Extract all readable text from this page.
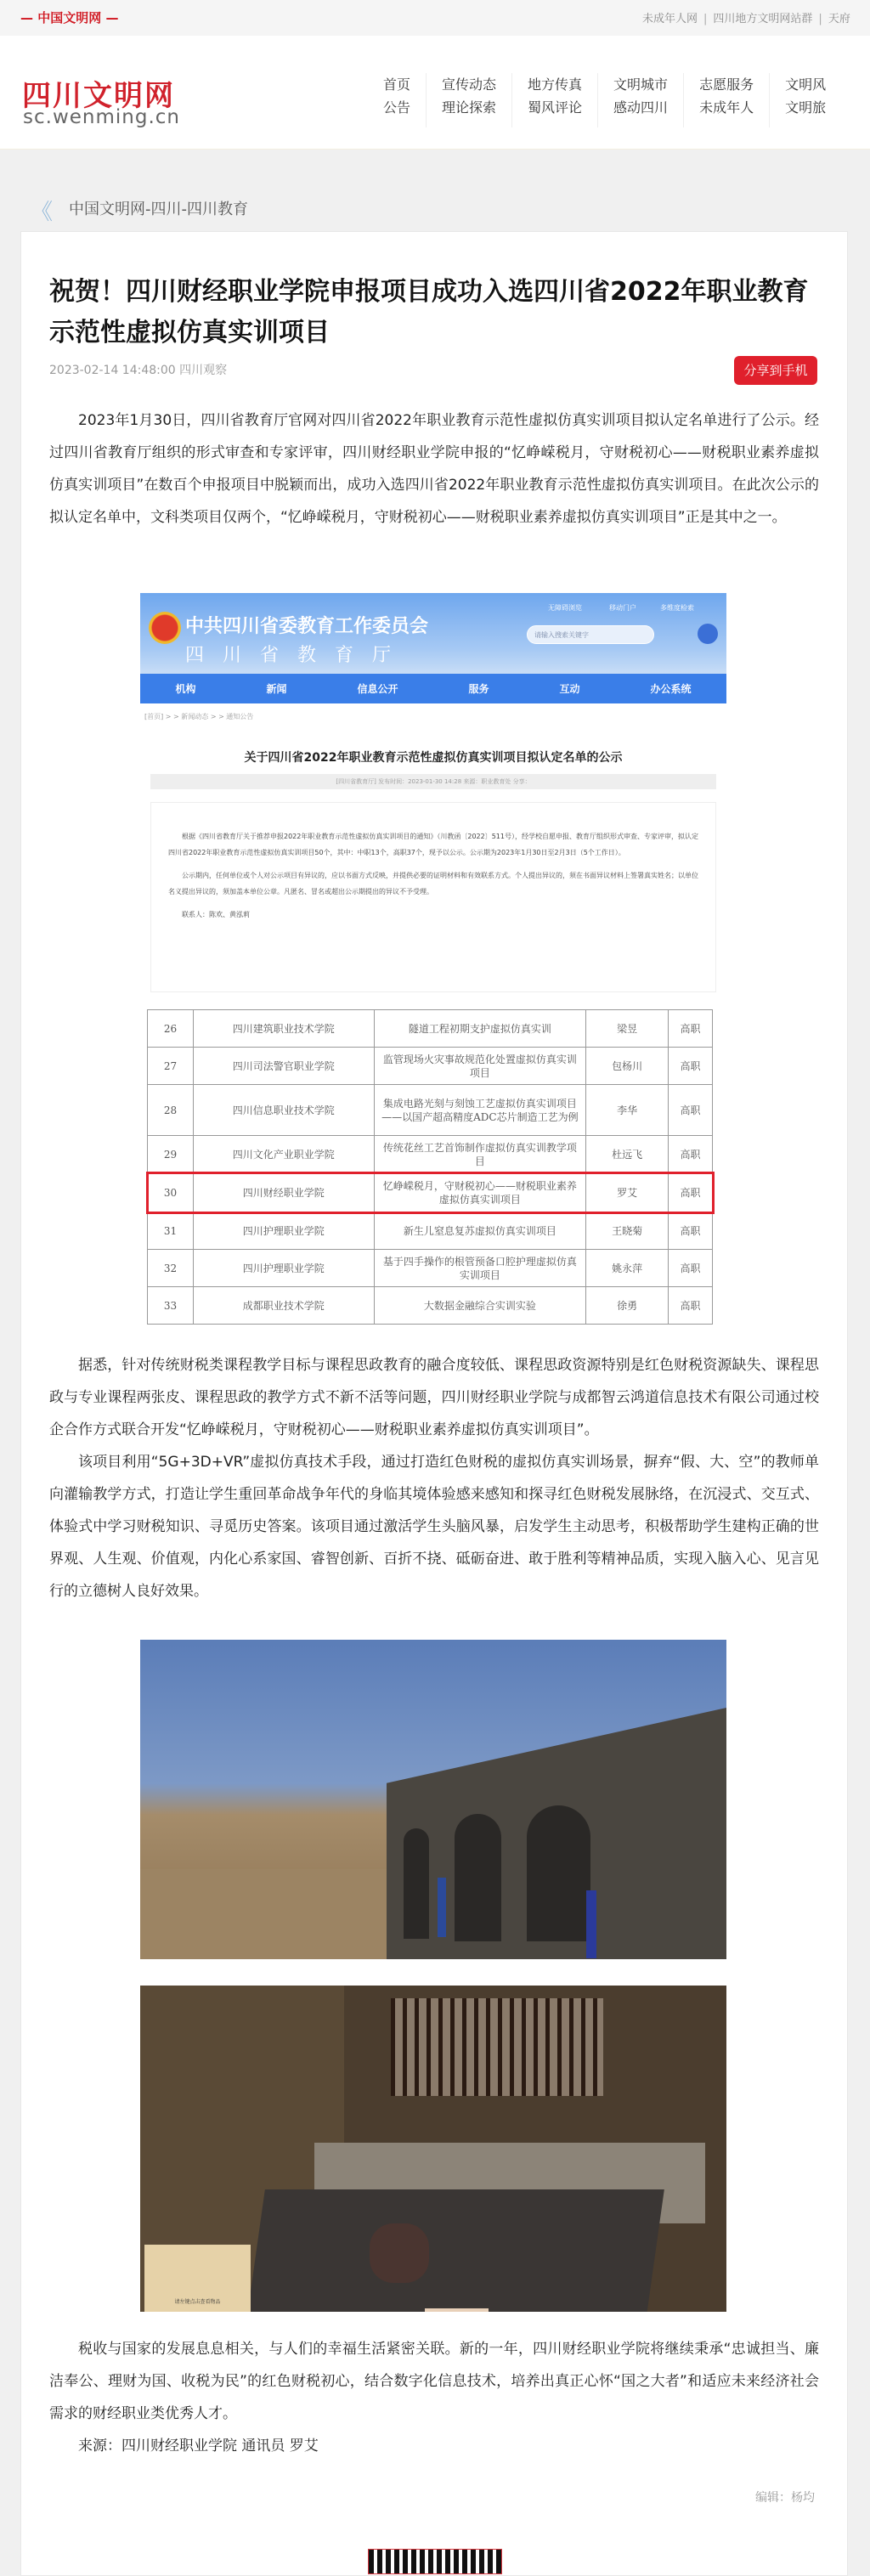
— 中国文明网 —	未成年人网 | 四川地方文明网站群 | 天府
四川文明网
sc.wenming.cn
首页
公告
宣传动态
理论探索
地方传真
蜀风评论
文明城市
感动四川
志愿服务
未成年人
文明风
文明旅
《 中国文明网-四川-四川教育
祝贺！四川财经职业学院申报项目成功入选四川省2022年职业教育示范性虚拟仿真实训项目
2023-02-14 14:48:00 四川观察	分享到手机

2023年1月30日，四川省教育厅官网对四川省2022年职业教育示范性虚拟仿真实训项目拟认定名单进行了公示。经过四川省教育厅组织的形式审查和专家评审，四川财经职业学院申报的“忆峥嵘税月，守财税初心——财税职业素养虚拟仿真实训项目”在数百个申报项目中脱颖而出，成功入选四川省2022年职业教育示范性虚拟仿真实训项目。在此次公示的拟认定名单中，文科类项目仅两个，“忆峥嵘税月，守财税初心——财税职业素养虚拟仿真实训项目”正是其中之一。

中共四川省委教育工作委员会
四川省教育厅
无障碍浏览	移动门户	多维度检索
请输入搜索关键字
机构	新闻	信息公开	服务	互动	办公系统
[首页] > > 新闻动态 > > 通知公告
关于四川省2022年职业教育示范性虚拟仿真实训项目拟认定名单的公示
[四川省教育厅] 发布时间：2023-01-30 14:28 来源：职业教育处 分享：

根据《四川省教育厅关于推荐申报2022年职业教育示范性虚拟仿真实训项目的通知》（川教函〔2022〕511号），经学校自愿申报、教育厅组织形式审查、专家评审，拟认定四川省2022年职业教育示范性虚拟仿真实训项目50个，其中：中职13个，高职37个，现予以公示。公示期为2023年1月30日至2月3日（5个工作日）。

公示期内，任何单位或个人对公示项目有异议的，应以书面方式反映，并提供必要的证明材料和有效联系方式。个人提出异议的，须在书面异议材料上签署真实姓名；以单位名义提出异议的，须加盖本单位公章。凡匿名、冒名或超出公示期提出的异议不予受理。

联系人：陈欢、黄泓莉

26	四川建筑职业技术学院	隧道工程初期支护虚拟仿真实训	梁昱	高职
27	四川司法警官职业学院	监管现场火灾事故规范化处置虚拟仿真实训项目	包杨川	高职
28	四川信息职业技术学院	集成电路光刻与刻蚀工艺虚拟仿真实训项目——以国产超高精度ADC芯片制造工艺为例	李华	高职
29	四川文化产业职业学院	传统花丝工艺首饰制作虚拟仿真实训教学项目	杜远飞	高职
30	四川财经职业学院	忆峥嵘税月，守财税初心——财税职业素养虚拟仿真实训项目	罗艾	高职
31	四川护理职业学院	新生儿窒息复苏虚拟仿真实训项目	王晓菊	高职
32	四川护理职业学院	基于四手操作的根管预备口腔护理虚拟仿真实训项目	姚永萍	高职
33	成都职业技术学院	大数据金融综合实训实验	徐勇	高职

据悉，针对传统财税类课程教学目标与课程思政教育的融合度较低、课程思政资源特别是红色财税资源缺失、课程思政与专业课程两张皮、课程思政的教学方式不新不活等问题，四川财经职业学院与成都智云鸿道信息技术有限公司通过校企合作方式联合开发“忆峥嵘税月，守财税初心——财税职业素养虚拟仿真实训项目”。

该项目利用“5G+3D+VR”虚拟仿真技术手段，通过打造红色财税的虚拟仿真实训场景，摒弃“假、大、空”的教师单向灌输教学方式，打造让学生重回革命战争年代的身临其境体验感来感知和探寻红色财税发展脉络，在沉浸式、交互式、体验式中学习财税知识、寻觅历史答案。该项目通过激活学生头脑风暴，启发学生主动思考，积极帮助学生建构正确的世界观、人生观、价值观，内化心系家国、睿智创新、百折不挠、砥砺奋进、敢于胜利等精神品质，实现入脑入心、见言见行的立德树人良好效果。

请左键点击查看物品

税收与国家的发展息息相关，与人们的幸福生活紧密关联。新的一年，四川财经职业学院将继续秉承“忠诚担当、廉洁奉公、理财为国、收税为民”的红色财税初心，结合数字化信息技术，培养出真正心怀“国之大者”和适应未来经济社会需求的财经职业类优秀人才。

来源：四川财经职业学院 通讯员 罗艾

编辑：杨均
